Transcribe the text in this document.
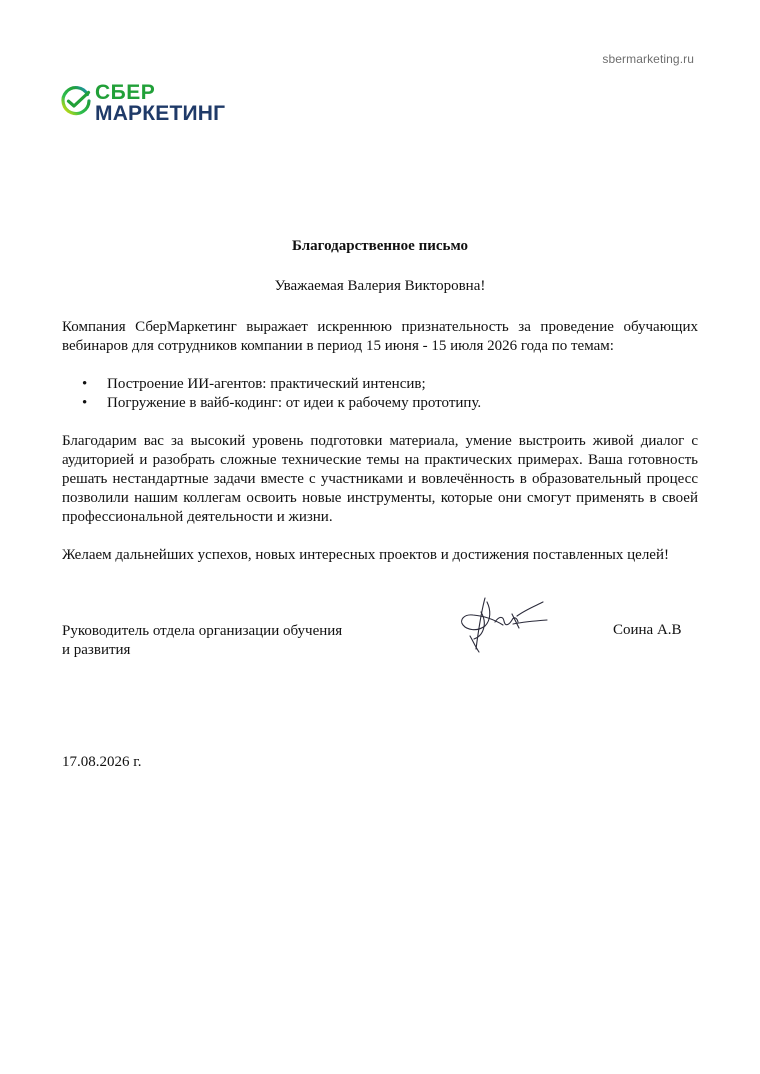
sbermarketing.ru
СБЕР
МАРКЕТИНГ
Благодарственное письмо
Уважаемая Валерия Викторовна!

Компания СберМаркетинг выражает искреннюю признательность за проведение обучающих вебинаров для сотрудников компании в период 15 июня - 15 июля 2026 года по темам:

• Построение ИИ-агентов: практический интенсив;
• Погружение в вайб-кодинг: от идеи к рабочему прототипу.

Благодарим вас за высокий уровень подготовки материала, умение выстроить живой диалог с аудиторией и разобрать сложные технические темы на практических примерах. Ваша готовность решать нестандартные задачи вместе с участниками и вовлечённость в образовательный процесс позволили нашим коллегам освоить новые инструменты, которые они смогут применять в своей профессиональной деятельности и жизни.

Желаем дальнейших успехов, новых интересных проектов и достижения поставленных целей!

Руководитель отдела организации обучения
и развития
Соина А.В
17.08.2026 г.
